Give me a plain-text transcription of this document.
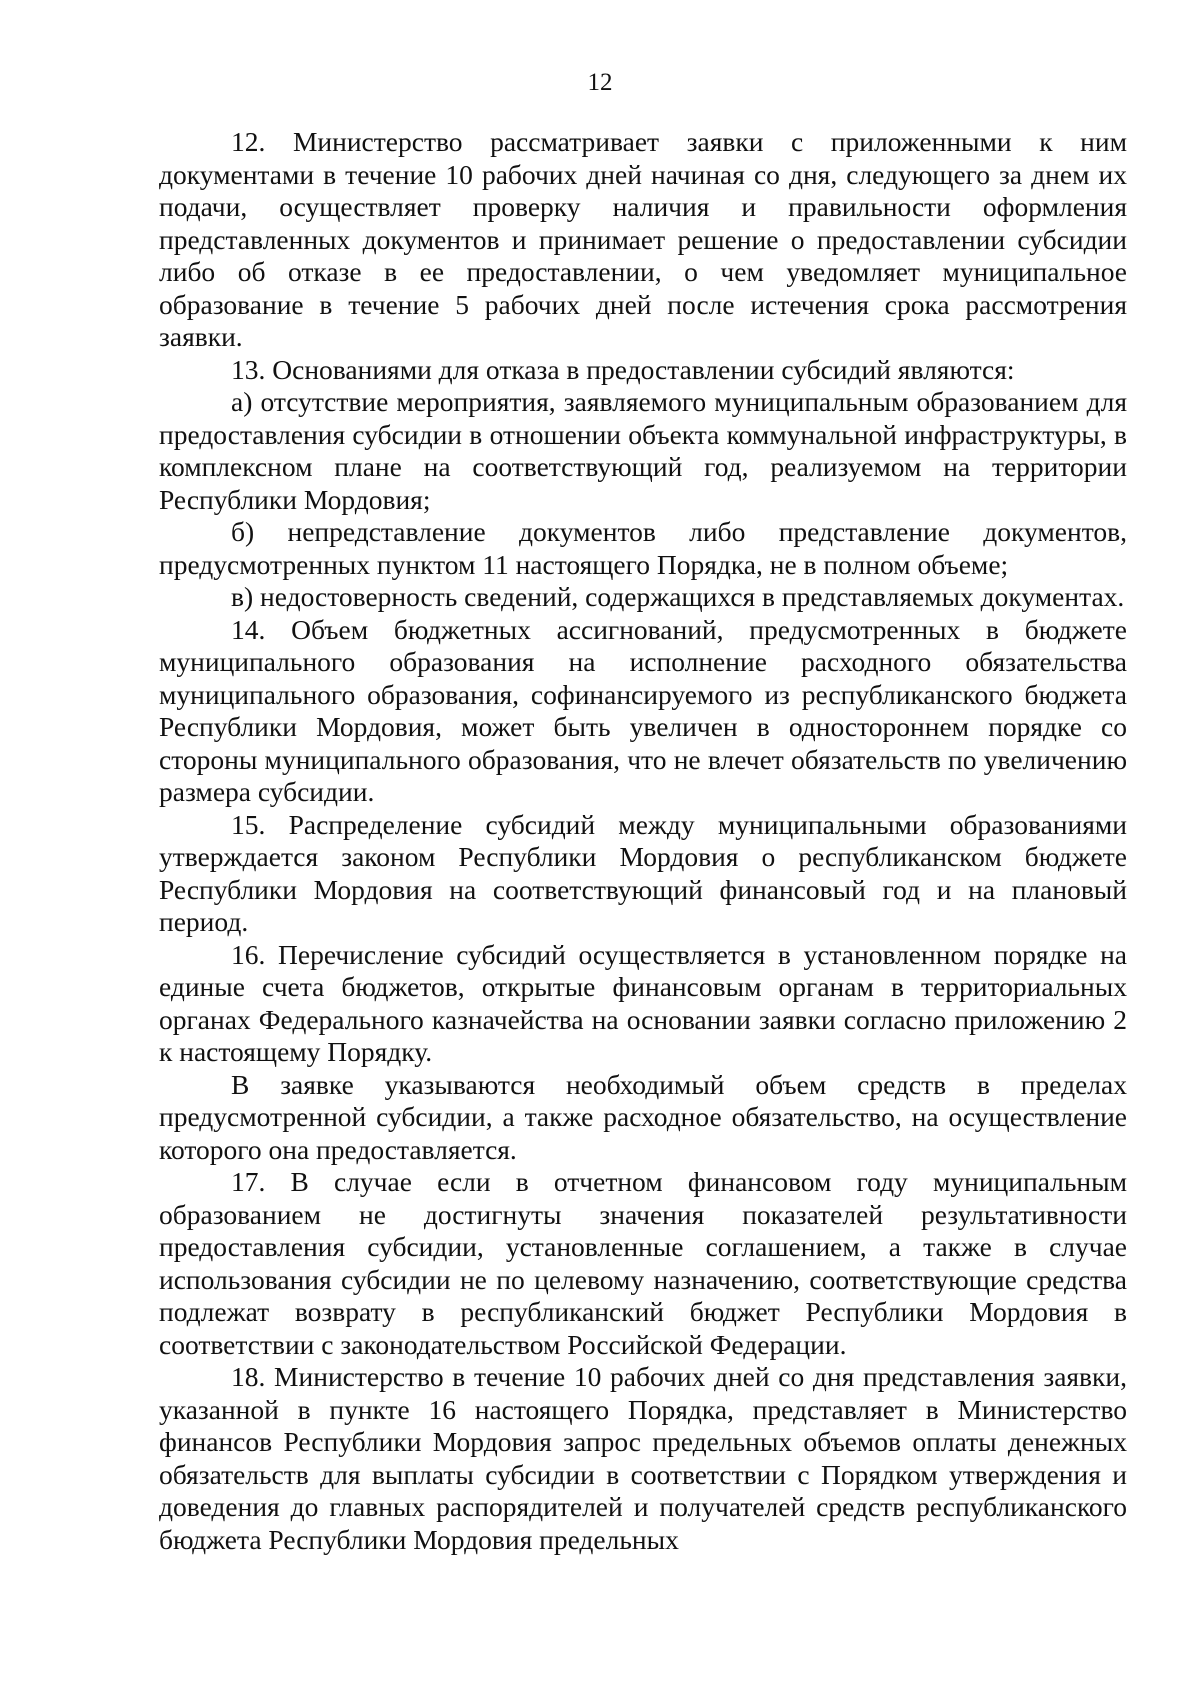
12

12. Министерство рассматривает заявки с приложенными к ним документами в течение 10 рабочих дней начиная со дня, следующего за днем их подачи, осуществляет проверку наличия и правильности оформления представленных документов и принимает решение о предоставлении субсидии либо об отказе в ее предоставлении, о чем уведомляет муниципальное образование в течение 5 рабочих дней после истечения срока рассмотрения заявки.

13. Основаниями для отказа в предоставлении субсидий являются:

а) отсутствие мероприятия, заявляемого муниципальным образованием для предоставления субсидии в отношении объекта коммунальной инфраструктуры, в комплексном плане на соответствующий год, реализуемом на территории Республики Мордовия;

б) непредставление документов либо представление документов, предусмотренных пунктом 11 настоящего Порядка, не в полном объеме;

в) недостоверность сведений, содержащихся в представляемых документах.

14. Объем бюджетных ассигнований, предусмотренных в бюджете муниципального образования на исполнение расходного обязательства муниципального образования, софинансируемого из республиканского бюджета Республики Мордовия, может быть увеличен в одностороннем порядке со стороны муниципального образования, что не влечет обязательств по увеличению размера субсидии.

15. Распределение субсидий между муниципальными образованиями утверждается законом Республики Мордовия о республиканском бюджете Республики Мордовия на соответствующий финансовый год и на плановый период.

16. Перечисление субсидий осуществляется в установленном порядке на единые счета бюджетов, открытые финансовым органам в территориальных органах Федерального казначейства на основании заявки согласно приложению 2 к настоящему Порядку.

В заявке указываются необходимый объем средств в пределах предусмотренной субсидии, а также расходное обязательство, на осуществление которого она предоставляется.

17. В случае если в отчетном финансовом году муниципальным образованием не достигнуты значения показателей результативности предоставления субсидии, установленные соглашением, а также в случае использования субсидии не по целевому назначению, соответствующие средства подлежат возврату в республиканский бюджет Республики Мордовия в соответствии с законодательством Российской Федерации.

18. Министерство в течение 10 рабочих дней со дня представления заявки, указанной в пункте 16 настоящего Порядка, представляет в Министерство финансов Республики Мордовия запрос предельных объемов оплаты денежных обязательств для выплаты субсидии в соответствии с Порядком утверждения и доведения до главных распорядителей и получателей средств республиканского бюджета Республики Мордовия предельных
